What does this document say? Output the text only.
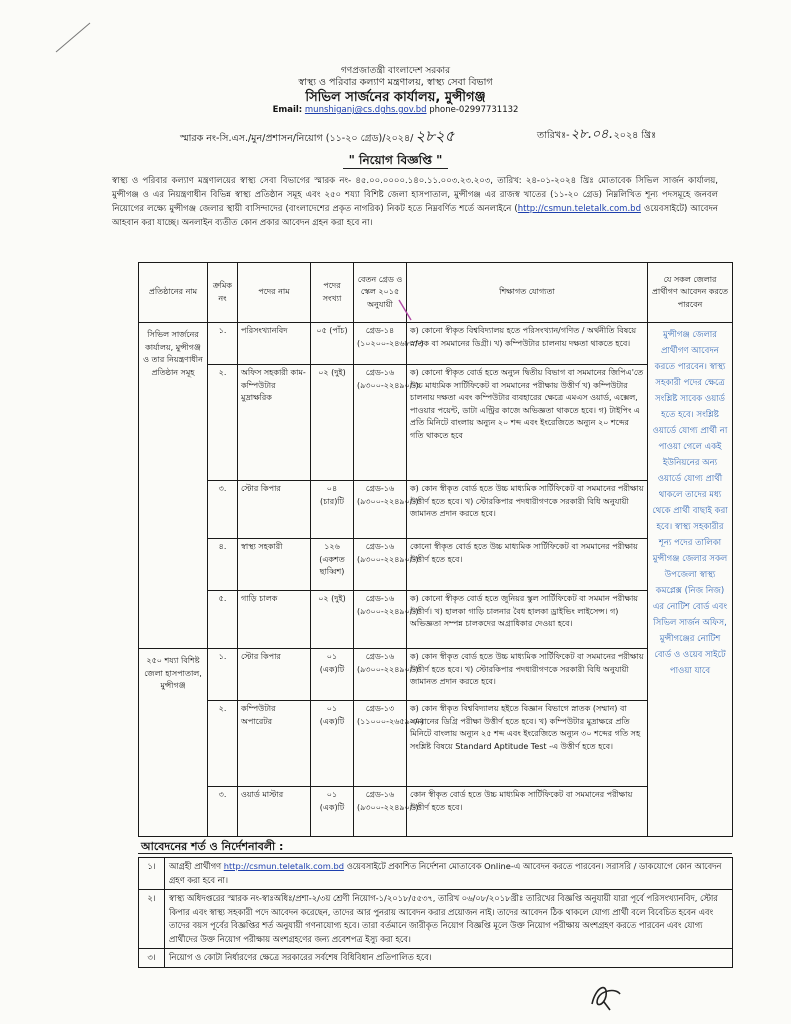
গণপ্রজাতন্ত্রী বাংলাদেশ সরকার
স্বাস্থ্য ও পরিবার কল্যাণ মন্ত্রণালয়, স্বাস্থ্য সেবা বিভাগ
সিভিল সার্জনের কার্যালয়, মুন্সীগঞ্জ
Email: munshiganj@cs.dghs.gov.bd phone-02997731132
স্মারক নং-সি.এস./মুন/প্রশাসন/নিয়োগ (১১-২০ গ্রেড)/২০২৪/ ২৮২৫	তারিখঃ-২৮.০৪.২০২৪ খ্রিঃ
" নিয়োগ বিজ্ঞপ্তি "
স্বাস্থ্য ও পরিবার কল্যাণ মন্ত্রণালয়ের স্বাস্থ্য সেবা বিভাগের স্মারক নং- ৪৫.০০.০০০০.১৪০.১১.০০৩.২৩.২০৩, তারিখ: ২৪-০১-২০২৪ খ্রিঃ মোতাবেক সিভিল সার্জন কার্যালয়, মুন্সীগঞ্জ ও এর নিয়ন্ত্রণাধীন বিভিন্ন স্বাস্থ্য প্রতিষ্ঠান সমূহ এবং ২৫০ শয্যা বিশিষ্ট জেলা হাসপাতাল, মুন্সীগঞ্জ এর রাজস্ব খাতের (১১-২০ গ্রেড) নিম্নলিখিত শূন্য পদসমূহে জনবল নিয়োগের লক্ষ্যে মুন্সীগঞ্জ জেলার স্থায়ী বাসিন্দাদের (বাংলাদেশের প্রকৃত নাগরিক) নিকট হতে নিম্নবর্ণিত শর্তে অনলাইনে (http://csmun.teletalk.com.bd ওয়েবসাইটে) আবেদন আহবান করা যাচ্ছে। অনলাইন ব্যতীত কোন প্রকার আবেদন গ্রহন করা হবে না।
প্রতিষ্ঠানের নাম	ক্রমিক নং	পদের নাম	পদের সংখ্যা	বেতন গ্রেড ও স্কেল ২০১৫ অনুযায়ী	শিক্ষাগত যোগ্যতা	যে সকল জেলার প্রার্থীগণ আবেদন করতে পারবেন
সিভিল সার্জনের কার্যালয়, মুন্সীগঞ্জ ও তার নিয়ন্ত্রণাধীন প্রতিষ্ঠান সমূহ	১.	পরিসংখ্যানবিদ	০৫ (পাঁচ)	গ্রেড-১৪ (১০২০০-২৪৬৮০/-)	ক) কোনো স্বীকৃত বিশ্ববিদ্যালয় হতে পরিসংখ্যান/গণিত / অর্থনীতি বিষয়ে স্নাতক বা সমমানের ডিগ্রী। খ) কম্পিউটার চালনায় দক্ষতা থাকতে হবে।	মুন্সীগঞ্জ জেলার প্রার্থীগণ আবেদন করতে পারবেন। স্বাস্থ্য সহকারী পদের ক্ষেত্রে সংশ্লিষ্ট সাবেক ওয়ার্ড হতে হবে। সংশ্লিষ্ট ওয়ার্ডে যোগ্য প্রার্থী না পাওয়া গেলে একই ইউনিয়নের অন্য ওয়ার্ডে যোগ্য প্রার্থী থাকলে তাদের মধ্য থেকে প্রার্থী বাছাই করা হবে। স্বাস্থ্য সহকারীর শূন্য পদের তালিকা মুন্সীগঞ্জ জেলার সকল উপজেলা স্বাস্থ্য কমপ্লেক্স (নিজ নিজ) এর নোটিশ বোর্ড এবং সিভিল সার্জন অফিস, মুন্সীগঞ্জের নোটিশ বোর্ড ও ওয়েব সাইটে পাওয়া যাবে
	২.	অফিস সহকারী কাম-কম্পিউটার মুদ্রাক্ষরিক	০২ (দুই)	গ্রেড-১৬ (৯৩০০-২২৪৯০/-)	ক) কোনো স্বীকৃত বোর্ড হতে অন্যুন দ্বিতীয় বিভাগ বা সমমানের জিপিএ'তে উচ্চ মাধ্যমিক সার্টিফিকেট বা সমমানের পরীক্ষায় উত্তীর্ণ খ) কম্পিউটার চালনায় দক্ষতা এবং কম্পিউটার ব্যবহারের ক্ষেত্রে এমএস ওয়ার্ড, এক্সেল, পাওয়ার পয়েন্ট, ডাটা এন্ট্রির কাজে অভিজ্ঞতা থাকতে হবে। গ) টাইপিং এ প্রতি মিনিটে বাংলায় অন্যুন ২০ শব্দ এবং ইংরেজিতে অন্যুন ২০ শব্দের গতি থাকতে হবে	
	৩.	স্টোর কিপার	০৪ (চার)টি	গ্রেড-১৬ (৯৩০০-২২৪৯০/-)	ক) কোন স্বীকৃত বোর্ড হতে উচ্চ মাধ্যমিক সার্টিফিকেট বা সমমানের পরীক্ষায় উত্তীর্ণ হতে হবে। খ) স্টোরকিপার পদধারীগণকে সরকারী বিধি অনুযায়ী জামানত প্রদান করতে হবে।	
	৪.	স্বাস্থ্য সহকারী	১২৬ (একশত ছাব্বিশ)	গ্রেড-১৬ (৯৩০০-২২৪৯০/-)	কোনো স্বীকৃত বোর্ড হতে উচ্চ মাধ্যমিক সার্টিফিকেট বা সমমানের পরীক্ষায় উত্তীর্ণ হতে হবে।	
	৫.	গাড়ি চালক	০২ (দুই)	গ্রেড-১৬ (৯৩০০-২২৪৯০/-)	ক) কোনো স্বীকৃত বোর্ড হতে জুনিয়র স্কুল সার্টিফিকেট বা সমমান পরীক্ষায় উত্তীর্ণ। খ) হালকা গাড়ি চালনার বৈধ হালকা ড্রাইভিং লাইসেন্স। গ) অভিজ্ঞতা সম্পন্ন চালকদের অগ্রাধিকার দেওয়া হবে।	
২৫০ শয্যা বিশিষ্ট জেলা হাসপাতাল, মুন্সীগঞ্জ	১.	স্টোর কিপার	০১ (এক)টি	গ্রেড-১৬ (৯৩০০-২২৪৯০/-)	ক) কোন স্বীকৃত বোর্ড হতে উচ্চ মাধ্যমিক সার্টিফিকেট বা সমমানের পরীক্ষায় উত্তীর্ণ হতে হবে। খ) স্টোরকিপার পদধারীগণকে সরকারী বিধি অনুযায়ী জামানত প্রদান করতে হবে।	
	২.	কম্পিউটার অপারেটর	০১ (এক)টি	গ্রেড-১৩ (১১০০০-২৬৫৯০/-)	ক) কোন স্বীকৃত বিশ্ববিদ্যালয় হইতে বিজ্ঞান বিভাগে স্নাতক (সম্মান) বা সমমানের ডিগ্রি পরীক্ষা উত্তীর্ণ হতে হবে। খ) কম্পিউটার মুদ্রাক্ষরে প্রতি মিনিটে বাংলায় অন্যুন ২৫ শব্দ এবং ইংরেজিতে অন্যুন ৩০ শব্দের গতি সহ সংশ্লিষ্ট বিষয়ে Standard Aptitude Test -এ উত্তীর্ণ হতে হবে।	
	৩.	ওয়ার্ড মাস্টার	০১ (এক)টি	গ্রেড-১৬ (৯৩০০-২২৪৯০/-)	কোন স্বীকৃত বোর্ড হতে উচ্চ মাধ্যমিক সার্টিফিকেট বা সমমানের পরীক্ষায় উত্তীর্ণ হতে হবে।	
আবেদনের শর্ত ও নির্দেশনাবলী :
১।	আগ্রহী প্রার্থীগণ http://csmun.teletalk.com.bd ওয়েবসাইটে প্রকাশিত নির্দেশনা মোতাবেক Online-এ আবেদন করতে পারবেন। সরাসরি / ডাকযোগে কোন আবেদন গ্রহণ করা হবে না।
২।	স্বাস্থ্য অধিদপ্তরের স্মারক নং-স্বাঃঅধিঃ/প্রশা-২/৩য় শ্রেণী নিয়োগ-১/২০১৮/৫৫৩৭, তারিখ ০৬/০৮/২০১৮খ্রীঃ তারিখের বিজ্ঞপ্তি অনুযায়ী যারা পূর্বে পরিসংখ্যানবিদ, স্টোর কিপার এবং স্বাস্থ্য সহকারী পদে আবেদন করেছেন, তাদের আর পুনরায় আবেদন করার প্রয়োজন নাই। তাদের আবেদন ঠিক থাকলে যোগ্য প্রার্থী বলে বিবেচিত হবেন এবং তাদের বয়স পূর্বের বিজ্ঞপ্তির শর্ত অনুযায়ী গণনাযোগ্য হবে। তারা বর্তমানে জারীকৃত নিয়োগ বিজ্ঞপ্তি মূলে উক্ত নিয়োগ পরীক্ষায় অংশগ্রহণ করতে পারবেন এবং যোগ্য প্রার্থীদের উক্ত নিয়োগ পরীক্ষায় অংশগ্রহণের জন্য প্রবেশপত্র ইস্যু করা হবে।
৩।	নিয়োগ ও কোটা নির্ধারণের ক্ষেত্রে সরকারের সর্বশেষ বিধিবিধান প্রতিপালিত হবে।
